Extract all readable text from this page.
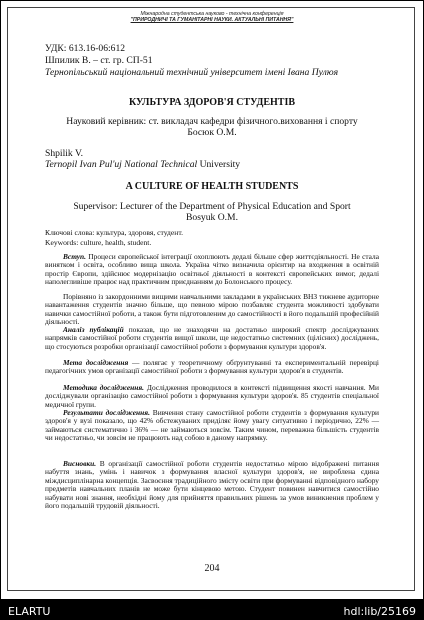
Міжнародна студентська науково - технічна конференція
"ПРИРОДНИЧІ ТА ГУМАНІТАРНІ НАУКИ. АКТУАЛЬНІ ПИТАННЯ"
УДК: 613.16-06:612
Шпилик В. – ст. гр. СП-51
Тернопільський національний технічний університет імені Івана Пулюя
КУЛЬТУРА ЗДОРОВ'Я СТУДЕНТІВ
Науковий керівник: ст. викладач кафедри фізичного.виховання і спорту
Босюк О.М.
Shpilik V.
Ternopil Ivan Pul'uj National Technical University
A CULTURE OF HEALTH STUDENTS
Supervisor: Lecturer of the Department of Physical Education and Sport
Bosyuk O.M.
Ключові слова: культура, здоровя, студент.
Keywords: culture, health, student.
Вступ. Процеси європейської інтеграції охоплюють дедалі більше сфер життєдіяльності. Не стала винятком і освіта, особливо вища школа. Україна чітко визначила орієнтир на входження в освітній простір Європи, здійснює модернізацію освітньої діяльності в контексті європейських вимог, дедалі наполегливіше працює над практичним приєднанням до Болонського процесу.
Порівняно із закордонними вищими навчальними закладами в українських ВНЗ тижневе аудиторне навантаження студентів значно більше, що певною мірою позбавляє студента можливості здобувати навички самостійної роботи, а також бути підготовленим до самостійності в його подальшій професійній діяльності.
Аналіз публікацій показав, що не знаходячи на достатньо широкий спектр досліджуваних напрямків самостійної роботи студентів вищої школи, ще недостатньо системних (цілісних) досліджень, що стосуються розробки організації самостійної роботи з формування культури здоров'я.
Мета дослідження — полягає у теоретичному обґрунтуванні та експериментальній перевірці педагогічних умов організації самостійної роботи з формування культури здоров'я в студентів.
Методика дослідження. Дослідження проводилося в контексті підвищення якості навчання. Ми досліджували організацію самостійної роботи з формування культури здоров'я. 85 студентів спеціальної медичної групи.
Результати дослідження. Вивчення стану самостійної роботи студентів з формування культури здоров'я у вузі показало, що 42% обстежуваних приділяє йому увагу ситуативно і періодично, 22% — займаються систематично і 36% — не займаються зовсім. Таким чином, переважна більшість студентів чи недостатньо, чи зовсім не працюють над собою в даному напрямку.
Висновки. В організації самостійної роботи студентів недостатньо мірою відображені питання набуття знань, умінь і навичок з формування власної культури здоров'я, не вироблена єдина міждисциплінарна концепція. Засвоєння традиційного змісту освіти при формуванні відповідного набору предметів навчальних планів не може бути кінцевою метою. Студент повинен навчитися самостійно набувати нові знання, необхідні йому для прийняття правильних рішень за умов виникнення проблем у його подальшій трудовій діяльності.
204
ELARTU	hdl:lib/25169
